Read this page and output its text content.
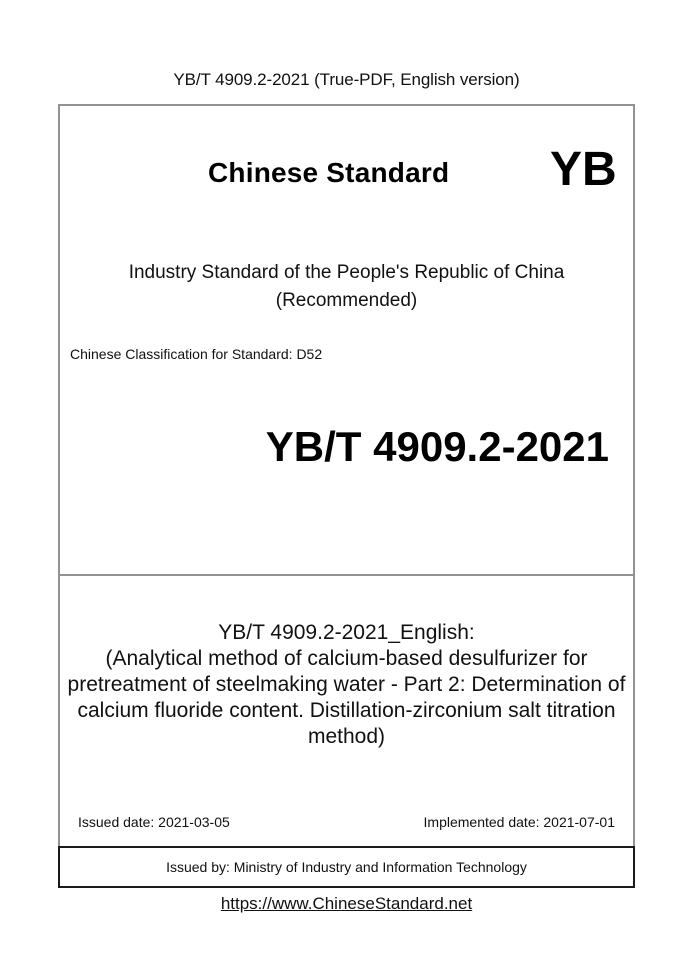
YB/T 4909.2-2021 (True-PDF, English version)
Chinese Standard YB
Industry Standard of the People's Republic of China
(Recommended)
Chinese Classification for Standard: D52
YB/T 4909.2-2021
YB/T 4909.2-2021_English:
(Analytical method of calcium-based desulfurizer for
pretreatment of steelmaking water - Part 2: Determination of
calcium fluoride content. Distillation-zirconium salt titration
method)
Issued date: 2021-03-05	Implemented date: 2021-07-01
Issued by: Ministry of Industry and Information Technology
https://www.ChineseStandard.net
